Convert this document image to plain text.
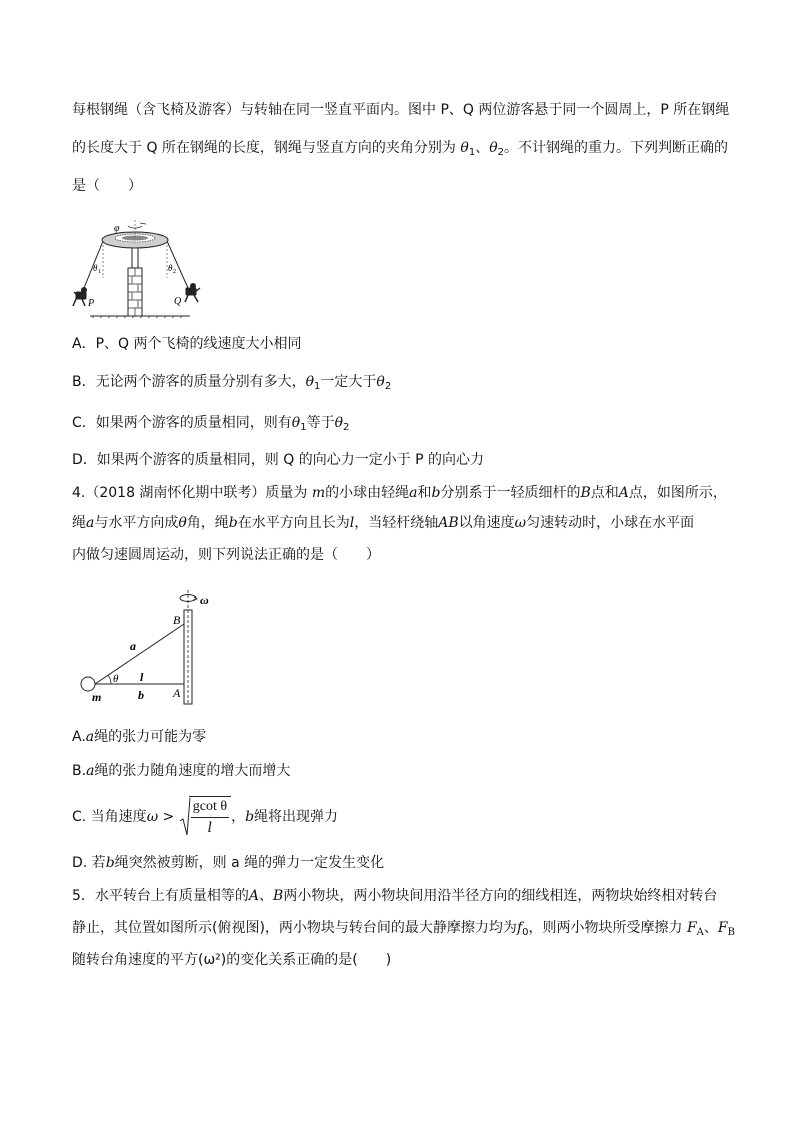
每根钢绳（含飞椅及游客）与转轴在同一竖直平面内。图中 P、Q 两位游客悬于同一个圆周上，P 所在钢绳
的长度大于 Q 所在钢绳的长度，钢绳与竖直方向的夹角分别为 $\theta_1$、$\theta_2$。不计钢绳的重力。下列判断正确的
是（　　）
φ
θ 1	θ 2
P	Q
A．P、Q 两个飞椅的线速度大小相同
B．无论两个游客的质量分别有多大，$\theta_1$一定大于$\theta_2$
C．如果两个游客的质量相同，则有$\theta_1$等于$\theta_2$
D．如果两个游客的质量相同，则 Q 的向心力一定小于 P 的向心力
4.（2018 湖南怀化期中联考）质量为 m的小球由轻绳a和b分别系于一轻质细杆的B点和A点，如图所示，
绳a与水平方向成θ角，绳b在水平方向且长为l，当轻杆绕轴AB以角速度ω匀速转动时，小球在水平面
内做匀速圆周运动，则下列说法正确的是（　　）
ω
B
a
θ l
b A
m
A.a绳的张力可能为零
B.a绳的张力随角速度的增大而增大
C. 当角速度$\omega > \frac{\text{gcot θ}}{l}$ ，b绳将出现弹力
D. 若b绳突然被剪断，则 a 绳的弹力一定发生变化
5．水平转台上有质量相等的A、B两小物块，两小物块间用沿半径方向的细线相连，两物块始终相对转台
静止，其位置如图所示(俯视图)，两小物块与转台间的最大静摩擦力均为$f_0$，则两小物块所受摩擦力 $F_A$、$F_B$
随转台角速度的平方(ω²)的变化关系正确的是(　　)
